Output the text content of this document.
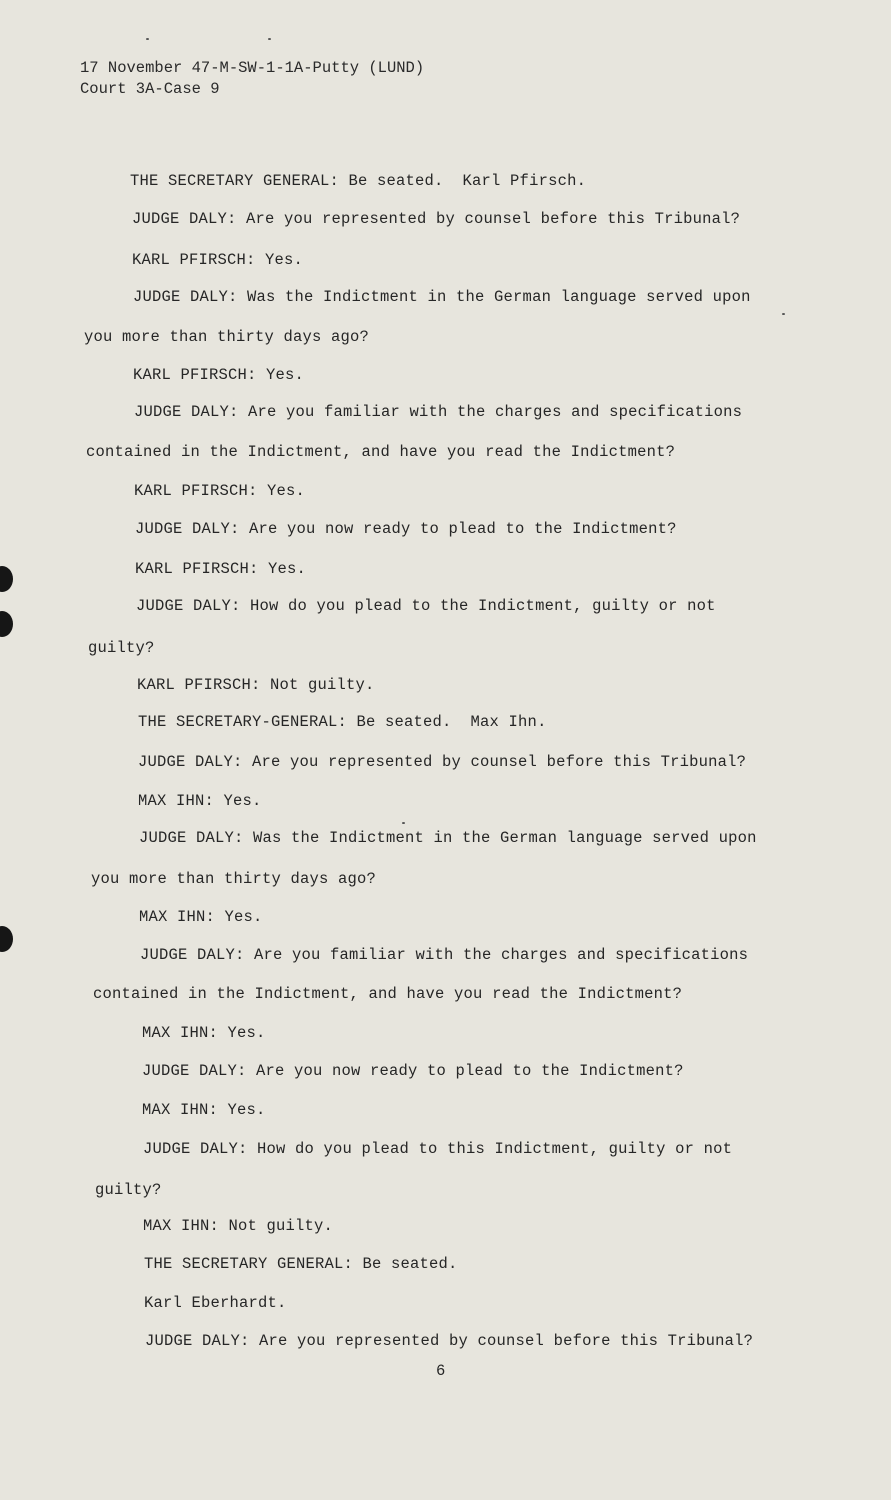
17 November 47-M-SW-1-1A-Putty (LUND)
Court 3A-Case 9
THE SECRETARY GENERAL: Be seated.  Karl Pfirsch.
JUDGE DALY: Are you represented by counsel before this Tribunal?
KARL PFIRSCH: Yes.
JUDGE DALY: Was the Indictment in the German language served upon
you more than thirty days ago?
KARL PFIRSCH: Yes.
JUDGE DALY: Are you familiar with the charges and specifications
contained in the Indictment, and have you read the Indictment?
KARL PFIRSCH: Yes.
JUDGE DALY: Are you now ready to plead to the Indictment?
KARL PFIRSCH: Yes.
JUDGE DALY: How do you plead to the Indictment, guilty or not
guilty?
KARL PFIRSCH: Not guilty.
THE SECRETARY-GENERAL: Be seated.  Max Ihn.
JUDGE DALY: Are you represented by counsel before this Tribunal?
MAX IHN: Yes.
JUDGE DALY: Was the Indictment in the German language served upon
you more than thirty days ago?
MAX IHN: Yes.
JUDGE DALY: Are you familiar with the charges and specifications
contained in the Indictment, and have you read the Indictment?
MAX IHN: Yes.
JUDGE DALY: Are you now ready to plead to the Indictment?
MAX IHN: Yes.
JUDGE DALY: How do you plead to this Indictment, guilty or not
guilty?
MAX IHN: Not guilty.
THE SECRETARY GENERAL: Be seated.
Karl Eberhardt.
JUDGE DALY: Are you represented by counsel before this Tribunal?
6
